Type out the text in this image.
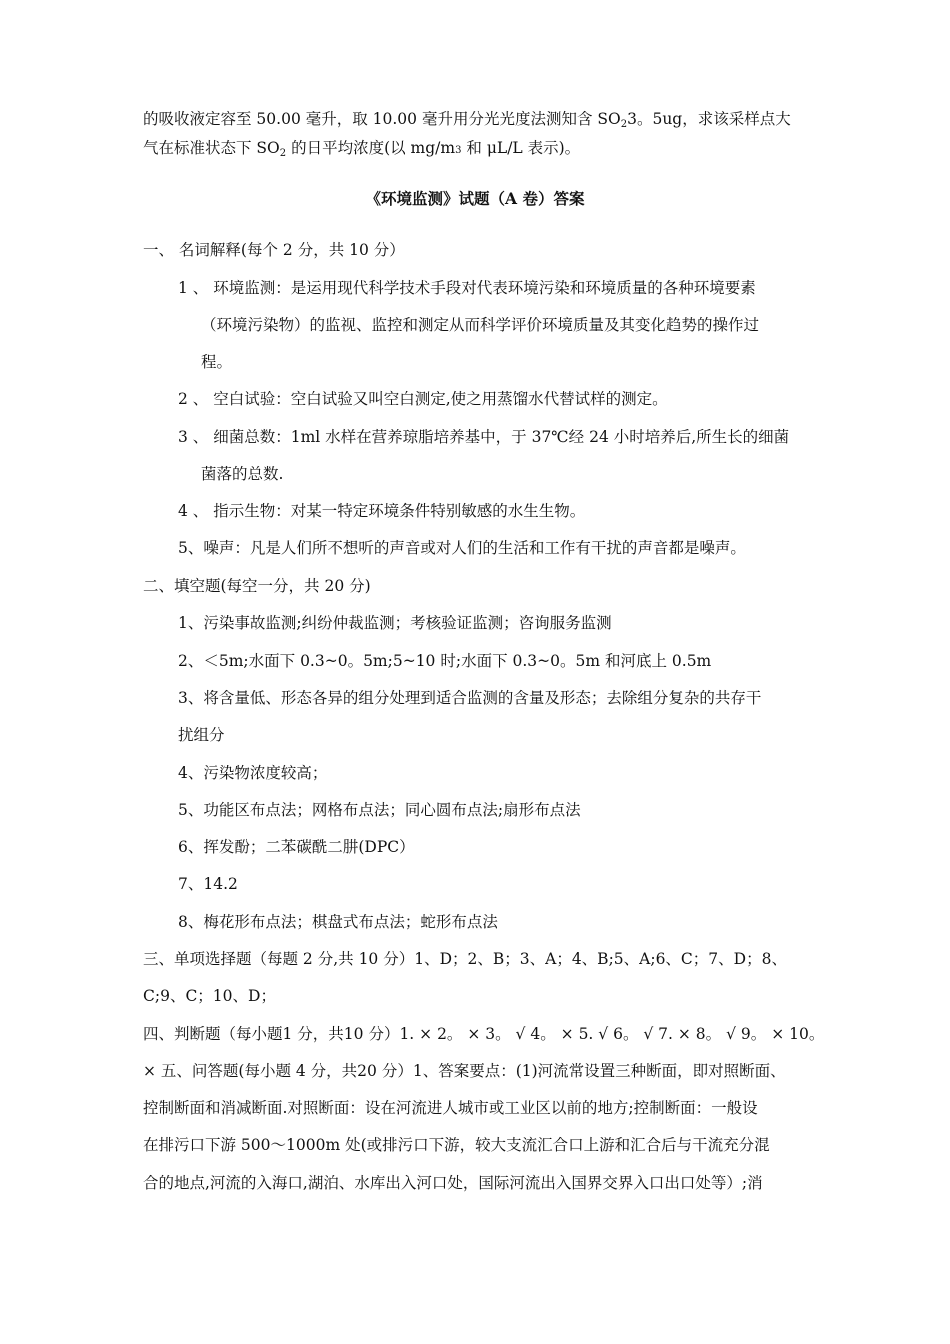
的吸收液定容至 50.00 毫升，取 10.00 毫升用分光光度法测知含 $SO_23$。5ug，求该采样点大
气在标准状态下 $SO_2$ 的日平均浓度(以 mg/m3 和 μL/L 表示)。
《环境监测》试题（A 卷）答案
一、 名词解释(每个 2 分，共 10 分）
1 、 环境监测：是运用现代科学技术手段对代表环境污染和环境质量的各种环境要素
（环境污染物）的监视、监控和测定从而科学评价环境质量及其变化趋势的操作过
程。
2 、 空白试验：空白试验又叫空白测定,使之用蒸馏水代替试样的测定。
3 、 细菌总数：1ml 水样在营养琼脂培养基中，于 37℃经 24 小时培养后,所生长的细菌
菌落的总数.
4 、 指示生物：对某一特定环境条件特别敏感的水生生物。
5、噪声：凡是人们所不想听的声音或对人们的生活和工作有干扰的声音都是噪声。
二、填空题(每空一分，共 20 分)
1、污染事故监测;纠纷仲裁监测；考核验证监测；咨询服务监测
2、＜5m;水面下 0.3~0。5m;5~10 时;水面下 0.3~0。5m 和河底上 0.5m
3、将含量低、形态各异的组分处理到适合监测的含量及形态；去除组分复杂的共存干
扰组分
4、污染物浓度较高；
5、功能区布点法；网格布点法；同心圆布点法;扇形布点法
6、挥发酚；二苯碳酰二肼(DPC）
7、14.2
8、梅花形布点法；棋盘式布点法；蛇形布点法
三、单项选择题（每题 2 分,共 10 分）1、D；2、B；3、A；4、B;5、A;6、C；7、D；8、
C;9、C；10、D；
四、判断题（每小题1 分，共10 分）1. × 2。 × 3。 √ 4。 × 5. √ 6。 √ 7. × 8。 √ 9。 × 10。
× 五、问答题(每小题 4 分，共20 分）1、答案要点：(1)河流常设置三种断面，即对照断面、
控制断面和消减断面.对照断面：设在河流进人城市或工业区以前的地方;控制断面：一般设
在排污口下游 500～1000m 处(或排污口下游，较大支流汇合口上游和汇合后与干流充分混
合的地点,河流的入海口,湖泊、水库出入河口处，国际河流出入国界交界入口出口处等）;消
